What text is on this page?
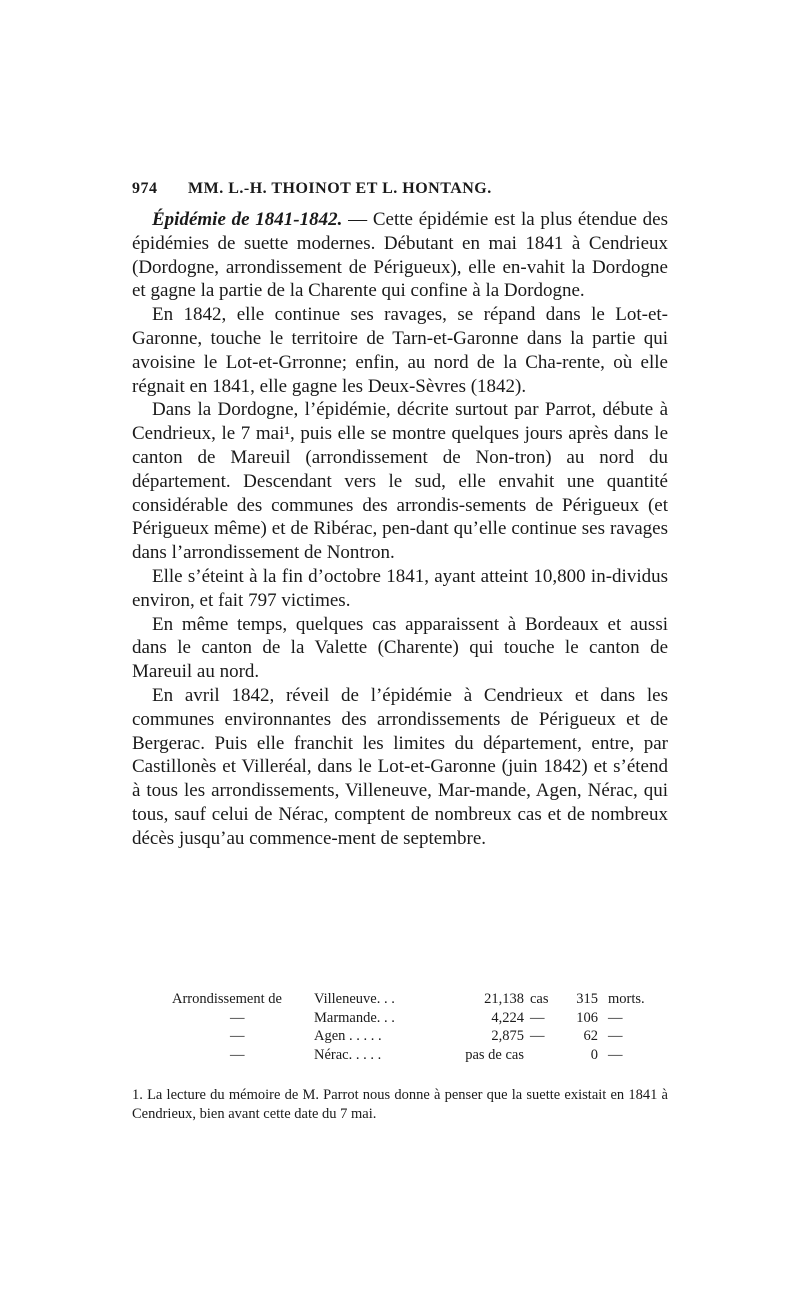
974 MM. L.-H. THOINOT ET L. HONTANG.

Épidémie de 1841-1842. — Cette épidémie est la plus étendue des épidémies de suette modernes. Débutant en mai 1841 à Cendrieux (Dordogne, arrondissement de Périgueux), elle en-vahit la Dordogne et gagne la partie de la Charente qui confine à la Dordogne.

En 1842, elle continue ses ravages, se répand dans le Lot-et-Garonne, touche le territoire de Tarn-et-Garonne dans la partie qui avoisine le Lot-et-Grronne; enfin, au nord de la Cha-rente, où elle régnait en 1841, elle gagne les Deux-Sèvres (1842).

Dans la Dordogne, l’épidémie, décrite surtout par Parrot, débute à Cendrieux, le 7 mai¹, puis elle se montre quelques jours après dans le canton de Mareuil (arrondissement de Non-tron) au nord du département. Descendant vers le sud, elle envahit une quantité considérable des communes des arrondis-sements de Périgueux (et Périgueux même) et de Ribérac, pen-dant qu’elle continue ses ravages dans l’arrondissement de Nontron.

Elle s’éteint à la fin d’octobre 1841, ayant atteint 10,800 in-dividus environ, et fait 797 victimes.

En même temps, quelques cas apparaissent à Bordeaux et aussi dans le canton de la Valette (Charente) qui touche le canton de Mareuil au nord.

En avril 1842, réveil de l’épidémie à Cendrieux et dans les communes environnantes des arrondissements de Périgueux et de Bergerac. Puis elle franchit les limites du département, entre, par Castillonès et Villeréal, dans le Lot-et-Garonne (juin 1842) et s’étend à tous les arrondissements, Villeneuve, Mar-mande, Agen, Nérac, qui tous, sauf celui de Nérac, comptent de nombreux cas et de nombreux décès jusqu’au commence-ment de septembre.

Arrondissement de Villeneuve. . .	21,138 cas	315 morts.
—	Marmande. . .	4,224 —	106 —
—	Agen . . . . .	2,875 —	62 —
—	Nérac. . . . .	pas de cas	0 —

1. La lecture du mémoire de M. Parrot nous donne à penser que la suette existait en 1841 à Cendrieux, bien avant cette date du 7 mai.
